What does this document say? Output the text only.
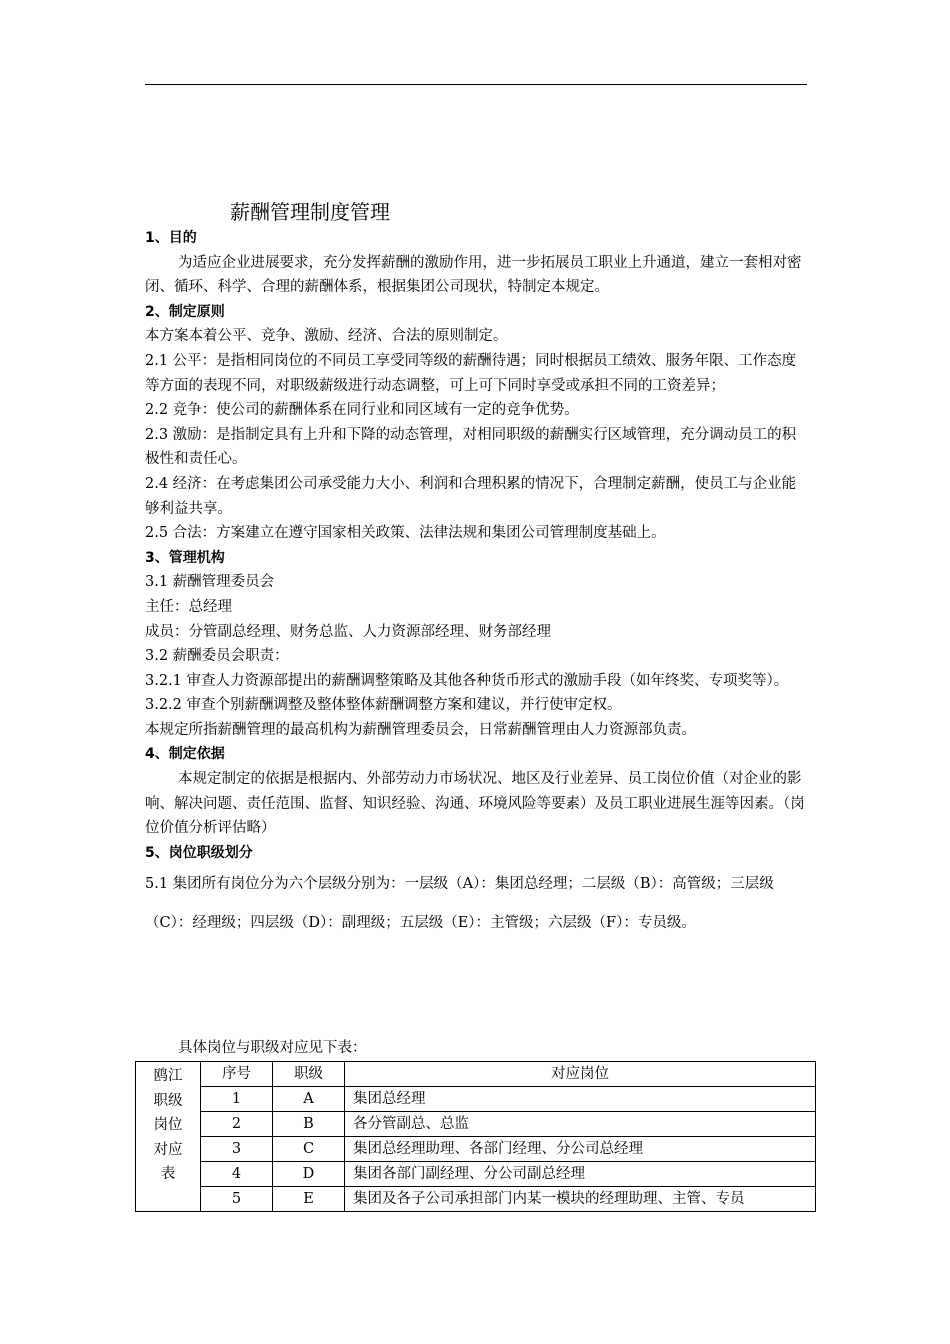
薪酬管理制度管理

1、目的

为适应企业进展要求，充分发挥薪酬的激励作用，进一步拓展员工职业上升通道，建立一套相对密闭、循环、科学、合理的薪酬体系，根据集团公司现状，特制定本规定。

2、制定原则

本方案本着公平、竞争、激励、经济、合法的原则制定。

2.1 公平：是指相同岗位的不同员工享受同等级的薪酬待遇；同时根据员工绩效、服务年限、工作态度等方面的表现不同，对职级薪级进行动态调整，可上可下同时享受或承担不同的工资差异；

2.2 竞争：使公司的薪酬体系在同行业和同区域有一定的竞争优势。

2.3 激励：是指制定具有上升和下降的动态管理，对相同职级的薪酬实行区域管理，充分调动员工的积极性和责任心。

2.4 经济：在考虑集团公司承受能力大小、利润和合理积累的情况下，合理制定薪酬，使员工与企业能够利益共享。

2.5 合法：方案建立在遵守国家相关政策、法律法规和集团公司管理制度基础上。

3、管理机构

3.1 薪酬管理委员会

主任：总经理

成员：分管副总经理、财务总监、人力资源部经理、财务部经理

3.2 薪酬委员会职责：

3.2.1 审查人力资源部提出的薪酬调整策略及其他各种货币形式的激励手段（如年终奖、专项奖等）。

3.2.2 审查个别薪酬调整及整体整体薪酬调整方案和建议，并行使审定权。

本规定所指薪酬管理的最高机构为薪酬管理委员会，日常薪酬管理由人力资源部负责。

4、制定依据

本规定制定的依据是根据内、外部劳动力市场状况、地区及行业差异、员工岗位价值（对企业的影响、解决问题、责任范围、监督、知识经验、沟通、环境风险等要素）及员工职业进展生涯等因素。（岗位价值分析评估略）

5、岗位职级划分

5.1 集团所有岗位分为六个层级分别为：一层级（A）：集团总经理；二层级（B）：高管级；三层级（C）：经理级；四层级（D）：副理级；五层级（E）：主管级；六层级（F）：专员级。

具体岗位与职级对应见下表：
鸥江
职级
岗位
对应
表	序号	职级	对应岗位
	1	A	集团总经理
	2	B	各分管副总、总监
	3	C	集团总经理助理、各部门经理、分公司总经理
	4	D	集团各部门副经理、分公司副总经理
	5	E	集团及各子公司承担部门内某一模块的经理助理、主管、专员
